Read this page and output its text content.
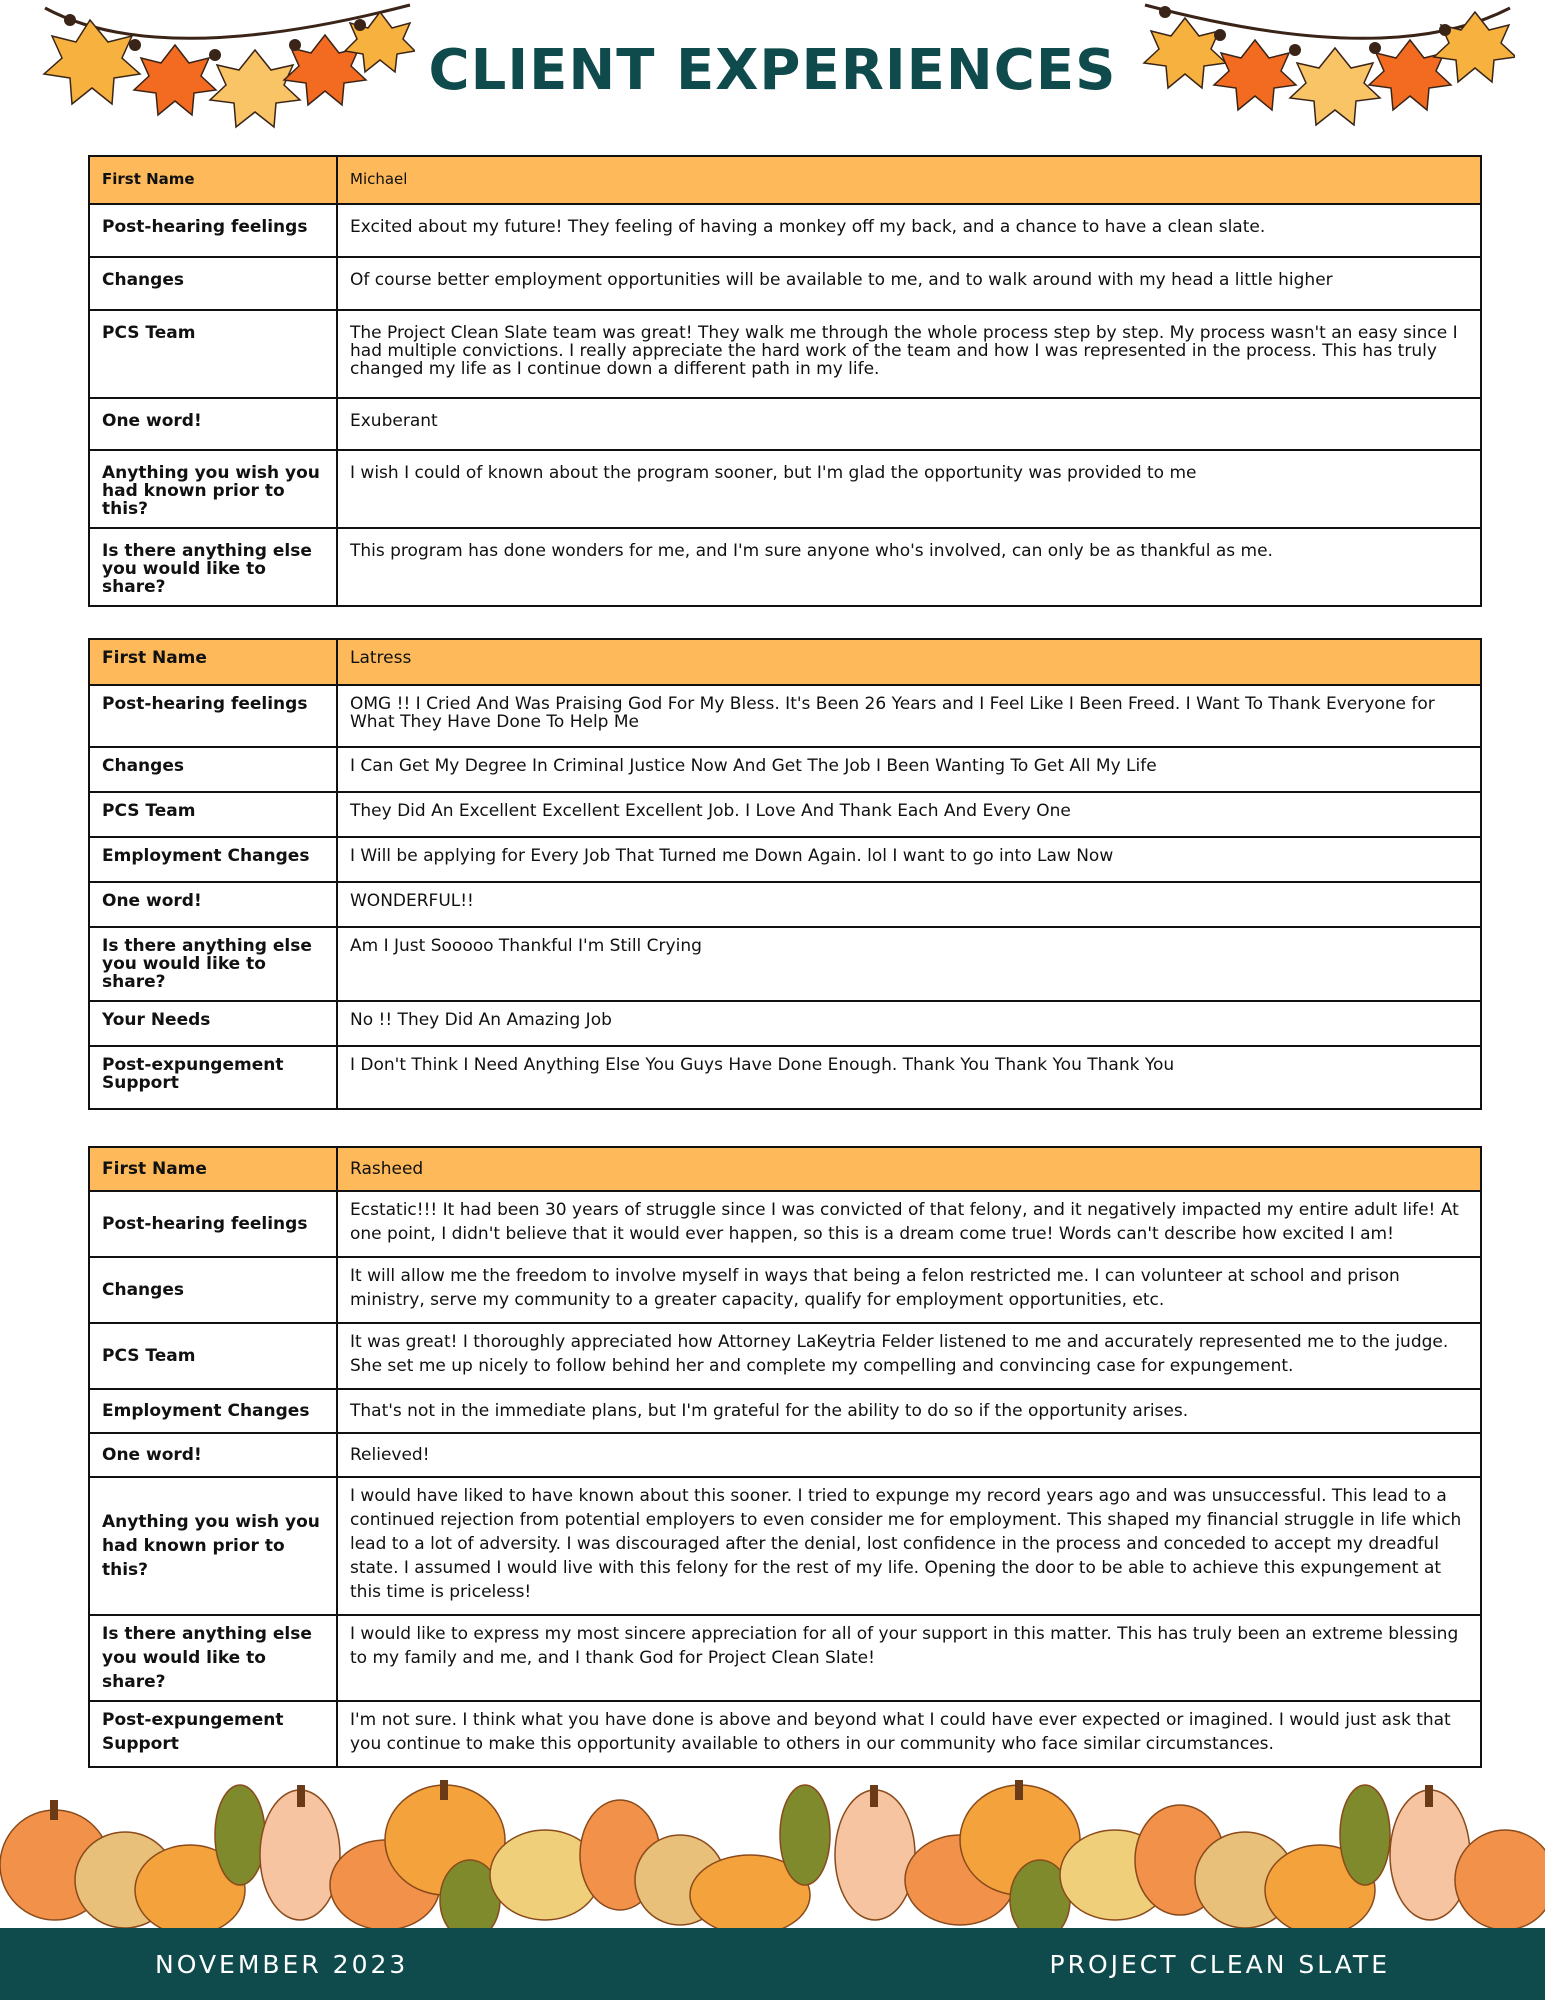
CLIENT EXPERIENCES
First Name	Michael
Post-hearing feelings	Excited about my future! They feeling of having a monkey off my back, and a chance to have a clean slate.
Changes	Of course better employment opportunities will be available to me, and to walk around with my head a little higher
PCS Team	The Project Clean Slate team was great! They walk me through the whole process step by step. My process wasn't an easy since I had multiple convictions. I really appreciate the hard work of the team and how I was represented in the process. This has truly changed my life as I continue down a different path in my life.
One word!	Exuberant
Anything you wish you had known prior to this?	I wish I could of known about the program sooner, but I'm glad the opportunity was provided to me
Is there anything else you would like to share?	This program has done wonders for me, and I'm sure anyone who's involved, can only be as thankful as me.
First Name	Latress
Post-hearing feelings	OMG !! I Cried And Was Praising God For My Bless. It's Been 26 Years and I Feel Like I Been Freed. I Want To Thank Everyone for What They Have Done To Help Me
Changes	I Can Get My Degree In Criminal Justice Now And Get The Job I Been Wanting To Get All My Life
PCS Team	They Did An Excellent Excellent Excellent Job. I Love And Thank Each And Every One
Employment Changes	I Will be applying for Every Job That Turned me Down Again. lol I want to go into Law Now
One word!	WONDERFUL!!
Is there anything else you would like to share?	Am I Just Sooooo Thankful I'm Still Crying
Your Needs	No !! They Did An Amazing Job
Post-expungement Support	I Don't Think I Need Anything Else You Guys Have Done Enough. Thank You Thank You Thank You
First Name	Rasheed
Post-hearing feelings	Ecstatic!!! It had been 30 years of struggle since I was convicted of that felony, and it negatively impacted my entire adult life! At one point, I didn't believe that it would ever happen, so this is a dream come true! Words can't describe how excited I am!
Changes	It will allow me the freedom to involve myself in ways that being a felon restricted me. I can volunteer at school and prison ministry, serve my community to a greater capacity, qualify for employment opportunities, etc.
PCS Team	It was great! I thoroughly appreciated how Attorney LaKeytria Felder listened to me and accurately represented me to the judge. She set me up nicely to follow behind her and complete my compelling and convincing case for expungement.
Employment Changes	That's not in the immediate plans, but I'm grateful for the ability to do so if the opportunity arises.
One word!	Relieved!
Anything you wish you had known prior to this?	I would have liked to have known about this sooner. I tried to expunge my record years ago and was unsuccessful. This lead to a continued rejection from potential employers to even consider me for employment. This shaped my financial struggle in life which lead to a lot of adversity. I was discouraged after the denial, lost confidence in the process and conceded to accept my dreadful state. I assumed I would live with this felony for the rest of my life. Opening the door to be able to achieve this expungement at this time is priceless!
Is there anything else you would like to share?	I would like to express my most sincere appreciation for all of your support in this matter. This has truly been an extreme blessing to my family and me, and I thank God for Project Clean Slate!
Post-expungement Support	I'm not sure. I think what you have done is above and beyond what I could have ever expected or imagined. I would just ask that you continue to make this opportunity available to others in our community who face similar circumstances.
NOVEMBER 2023	PROJECT CLEAN SLATE
